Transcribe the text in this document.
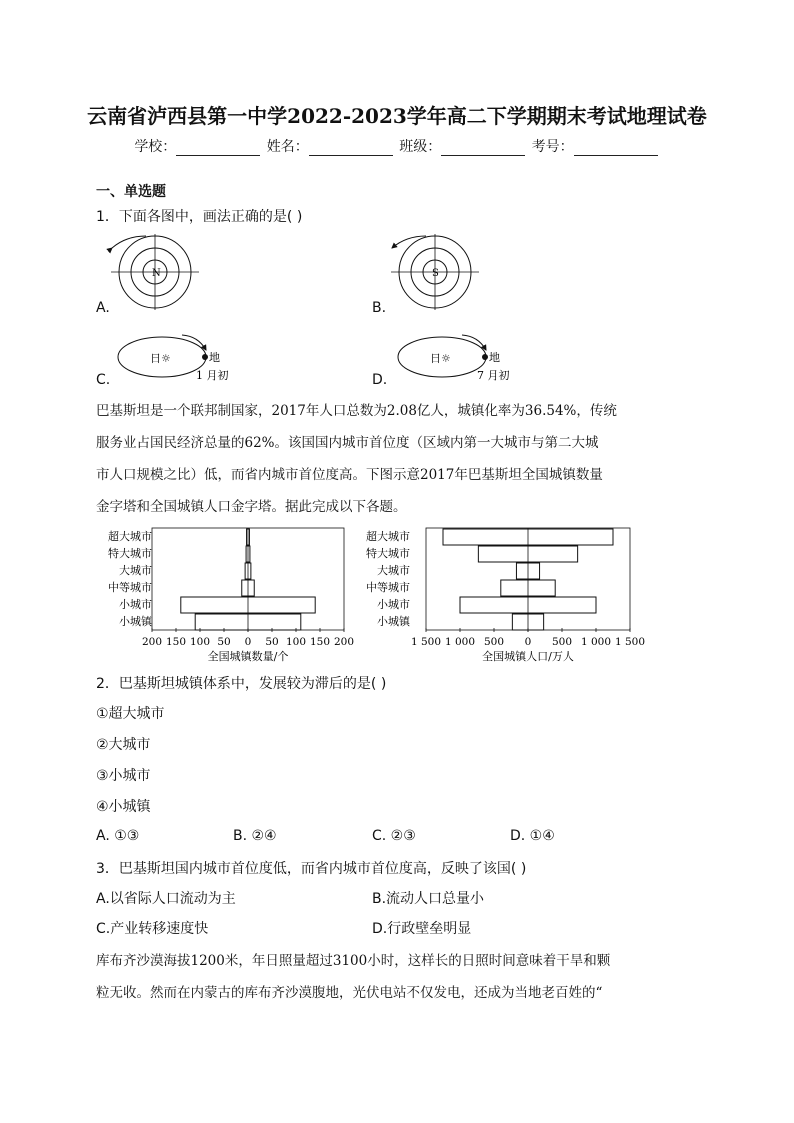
云南省泸西县第一中学2022-2023学年高二下学期期末考试地理试卷
学校：	姓名：	班级：	考号：
一、单选题
1．下面各图中，画法正确的是( )
N	S
日☼	地
1 月初
日☼	地
7 月初
A.	B.
C.	D.
巴基斯坦是一个联邦制国家，2017年人口总数为2.08亿人，城镇化率为36.54%，传统
服务业占国民经济总量的62%。该国国内城市首位度（区域内第一大城市与第二大城
市人口规模之比）低，而省内城市首位度高。下图示意2017年巴基斯坦全国城镇数量
金字塔和全国城镇人口金字塔。据此完成以下各题。
超大城市
特大城市
大城市
中等城市
小城市
小城镇
200 150 100 50 0 50 100 150 200
全国城镇数量/个
超大城市
特大城市
大城市
中等城市
小城市
小城镇
1 500 1 000 500 0 500 1 000 1 500
全国城镇人口/万人
2．巴基斯坦城镇体系中，发展较为滞后的是( )
①超大城市
②大城市
③小城市
④小城镇
A. ①③	B. ②④	C. ②③	D. ①④
3．巴基斯坦国内城市首位度低，而省内城市首位度高，反映了该国( )
A.以省际人口流动为主	B.流动人口总量小
C.产业转移速度快	D.行政壁垒明显
库布齐沙漠海拔1200米，年日照量超过3100小时，这样长的日照时间意味着干旱和颗
粒无收。然而在内蒙古的库布齐沙漠腹地，光伏电站不仅发电，还成为当地老百姓的“
